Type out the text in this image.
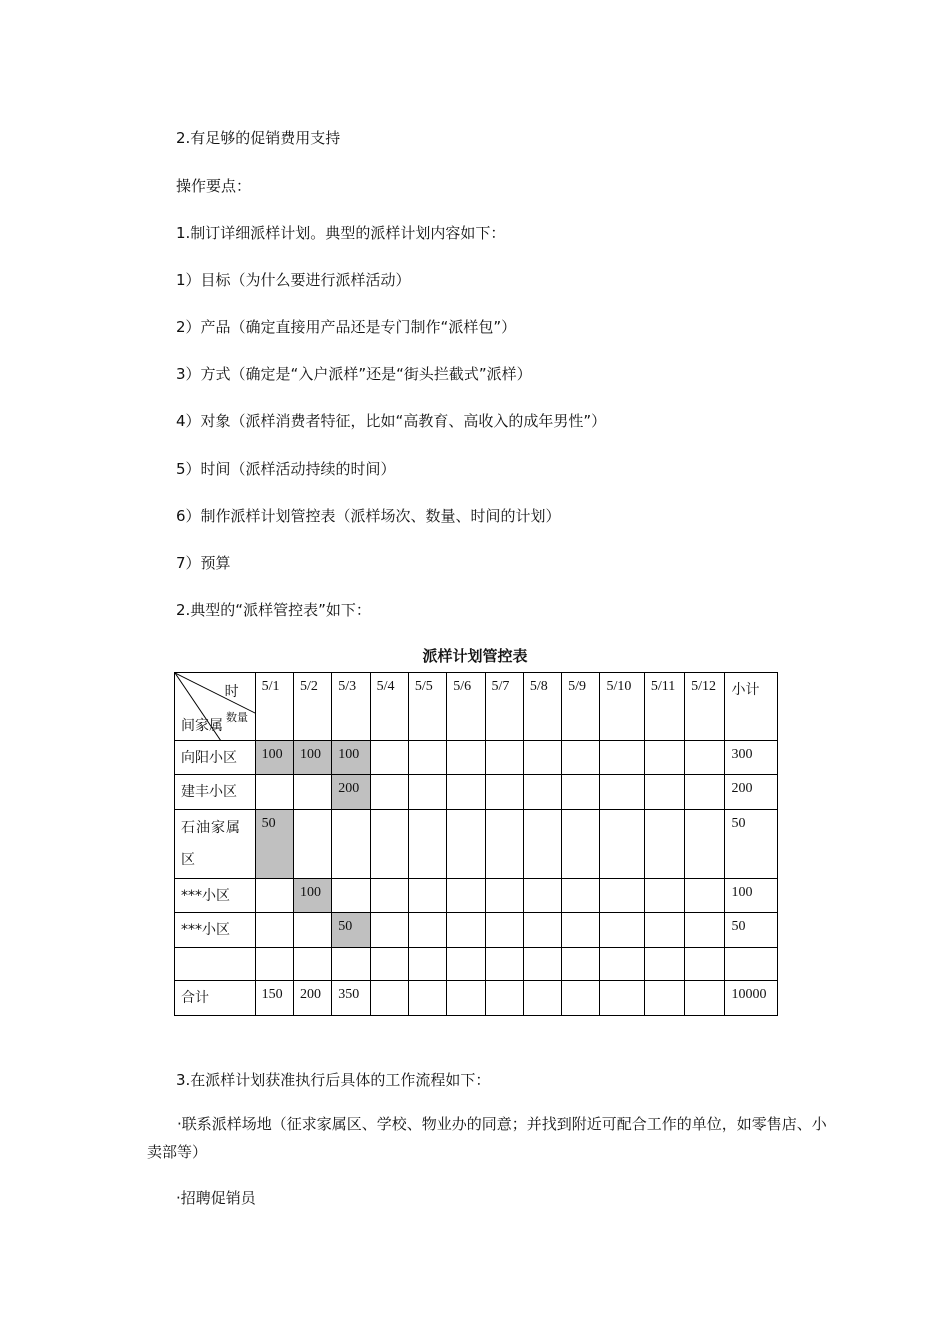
2.有足够的促销费用支持
操作要点：
1.制订详细派样计划。典型的派样计划内容如下：
1）目标（为什么要进行派样活动）
2）产品（确定直接用产品还是专门制作“派样包”）
3）方式（确定是“入户派样”还是“街头拦截式”派样）
4）对象（派样消费者特征，比如“高教育、高收入的成年男性”）
5）时间（派样活动持续的时间）
6）制作派样计划管控表（派样场次、数量、时间的计划）
7）预算
2.典型的“派样管控表”如下：
派样计划管控表
时
数量
间家属	5/1	5/2	5/3	5/4	5/5	5/6	5/7	5/8	5/9	5/10	5/11	5/12	小计
向阳小区	100	100	100										300
建丰小区			200										200
石油家属区	50												50
***小区		100											100
***小区			50										50

合计	150	200	350										10000
3.在派样计划获准执行后具体的工作流程如下：
·联系派样场地（征求家属区、学校、物业办的同意；并找到附近可配合工作的单位，如零售店、小卖部等）
·招聘促销员
